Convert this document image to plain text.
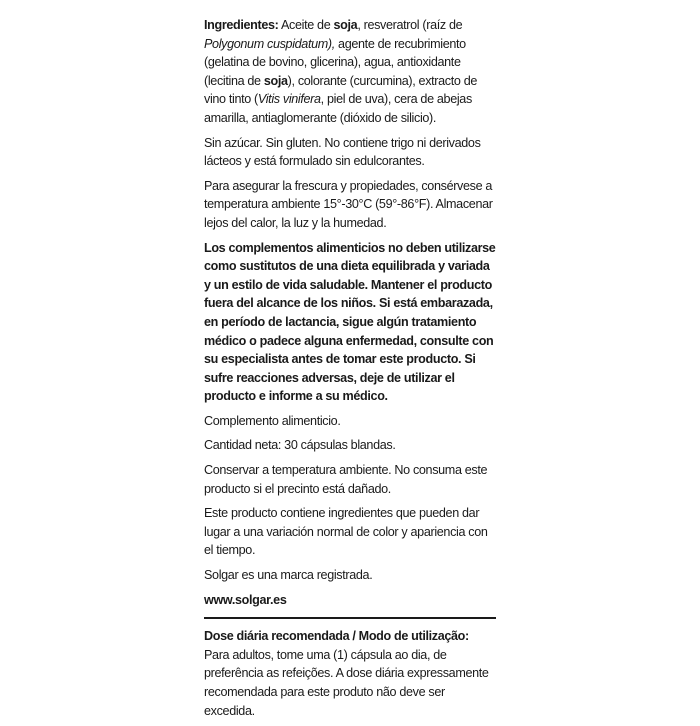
Ingredientes: Aceite de soja, resveratrol (raíz de Polygonum cuspidatum), agente de recubrimiento (gelatina de bovino, glicerina), agua, antioxidante (lecitina de soja), colorante (curcumina), extracto de vino tinto (Vitis vinifera, piel de uva), cera de abejas amarilla, antiaglomerante (dióxido de silicio).

Sin azúcar. Sin gluten. No contiene trigo ni derivados lácteos y está formulado sin edulcorantes.

Para asegurar la frescura y propiedades, consérvese a temperatura ambiente 15°-30°C (59°-86°F). Almacenar lejos del calor, la luz y la humedad.

Los complementos alimenticios no deben utilizarse como sustitutos de una dieta equilibrada y variada y un estilo de vida saludable. Mantener el producto fuera del alcance de los niños. Si está embarazada, en período de lactancia, sigue algún tratamiento médico o padece alguna enfermedad, consulte con su especialista antes de tomar este producto. Si sufre reacciones adversas, deje de utilizar el producto e informe a su médico.

Complemento alimenticio.

Cantidad neta: 30 cápsulas blandas.

Conservar a temperatura ambiente. No consuma este producto si el precinto está dañado.

Este producto contiene ingredientes que pueden dar lugar a una variación normal de color y apariencia con el tiempo.

Solgar es una marca registrada.

www.solgar.es

Dose diária recomendada / Modo de utilização: Para adultos, tome uma (1) cápsula ao dia, de preferência as refeições. A dose diária expressamente recomendada para este produto não deve ser excedida.
